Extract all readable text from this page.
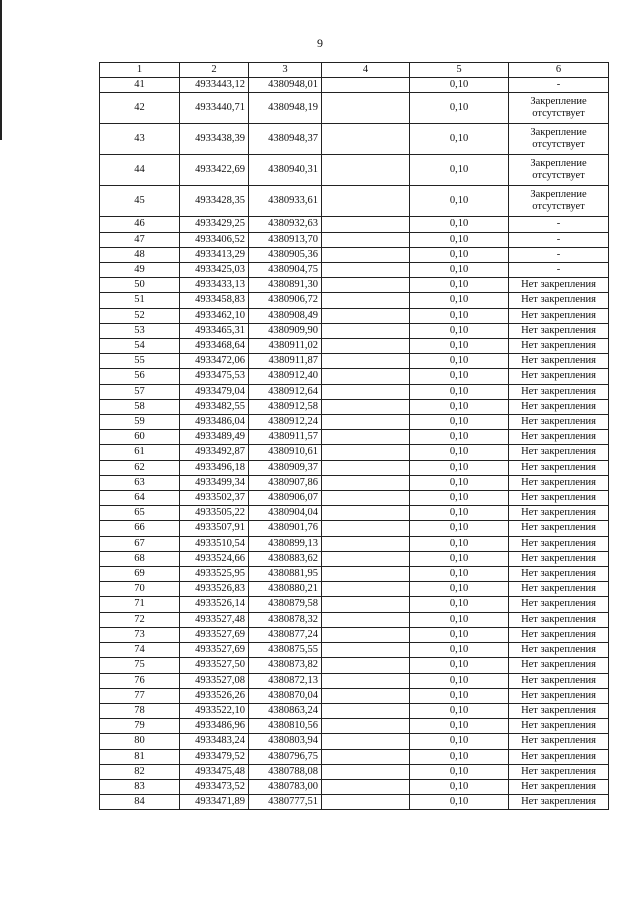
9
1	2	3	4	5	6
41	4933443,12	4380948,01		0,10	-
42	4933440,71	4380948,19		0,10	Закрепление отсутствует
43	4933438,39	4380948,37		0,10	Закрепление отсутствует
44	4933422,69	4380940,31		0,10	Закрепление отсутствует
45	4933428,35	4380933,61		0,10	Закрепление отсутствует
46	4933429,25	4380932,63		0,10	-
47	4933406,52	4380913,70		0,10	-
48	4933413,29	4380905,36		0,10	-
49	4933425,03	4380904,75		0,10	-
50	4933433,13	4380891,30		0,10	Нет закрепления
51	4933458,83	4380906,72		0,10	Нет закрепления
52	4933462,10	4380908,49		0,10	Нет закрепления
53	4933465,31	4380909,90		0,10	Нет закрепления
54	4933468,64	4380911,02		0,10	Нет закрепления
55	4933472,06	4380911,87		0,10	Нет закрепления
56	4933475,53	4380912,40		0,10	Нет закрепления
57	4933479,04	4380912,64		0,10	Нет закрепления
58	4933482,55	4380912,58		0,10	Нет закрепления
59	4933486,04	4380912,24		0,10	Нет закрепления
60	4933489,49	4380911,57		0,10	Нет закрепления
61	4933492,87	4380910,61		0,10	Нет закрепления
62	4933496,18	4380909,37		0,10	Нет закрепления
63	4933499,34	4380907,86		0,10	Нет закрепления
64	4933502,37	4380906,07		0,10	Нет закрепления
65	4933505,22	4380904,04		0,10	Нет закрепления
66	4933507,91	4380901,76		0,10	Нет закрепления
67	4933510,54	4380899,13		0,10	Нет закрепления
68	4933524,66	4380883,62		0,10	Нет закрепления
69	4933525,95	4380881,95		0,10	Нет закрепления
70	4933526,83	4380880,21		0,10	Нет закрепления
71	4933526,14	4380879,58		0,10	Нет закрепления
72	4933527,48	4380878,32		0,10	Нет закрепления
73	4933527,69	4380877,24		0,10	Нет закрепления
74	4933527,69	4380875,55		0,10	Нет закрепления
75	4933527,50	4380873,82		0,10	Нет закрепления
76	4933527,08	4380872,13		0,10	Нет закрепления
77	4933526,26	4380870,04		0,10	Нет закрепления
78	4933522,10	4380863,24		0,10	Нет закрепления
79	4933486,96	4380810,56		0,10	Нет закрепления
80	4933483,24	4380803,94		0,10	Нет закрепления
81	4933479,52	4380796,75		0,10	Нет закрепления
82	4933475,48	4380788,08		0,10	Нет закрепления
83	4933473,52	4380783,00		0,10	Нет закрепления
84	4933471,89	4380777,51		0,10	Нет закрепления
